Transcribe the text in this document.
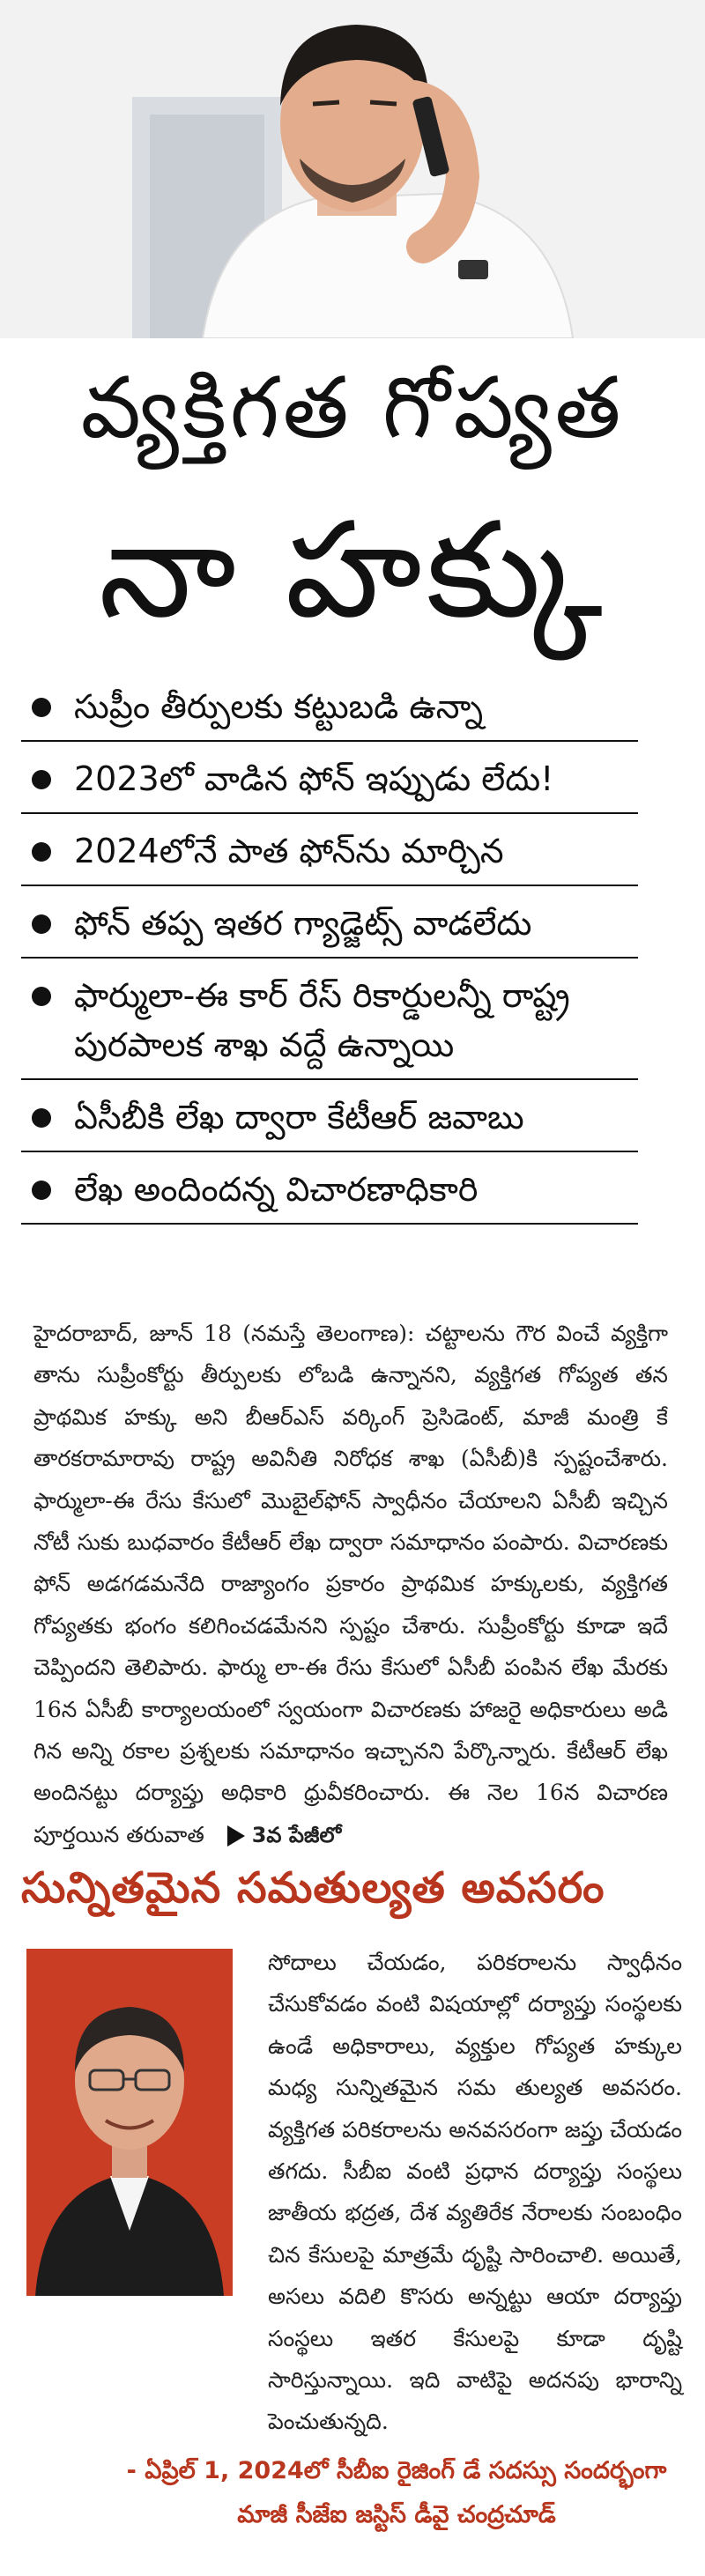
వ్యక్తిగత గోప్యత
నా హక్కు
సుప్రీం తీర్పులకు కట్టుబడి ఉన్నా
2023లో వాడిన ఫోన్ ఇప్పుడు లేదు!
2024లోనే పాత ఫోన్‌ను మార్చిన
ఫోన్ తప్ప ఇతర గ్యాడ్జెట్స్ వాడలేదు
ఫార్ములా-ఈ కార్ రేస్ రికార్డులన్నీ రాష్ట్ర పురపాలక శాఖ వద్దే ఉన్నాయి
ఏసీబీకి లేఖ ద్వారా కేటీఆర్ జవాబు
లేఖ అందిందన్న విచారణాధికారి

హైదరాబాద్, జూన్ 18 (నమస్తే తెలంగాణ): చట్టాలను గౌర వించే వ్యక్తిగా తాను సుప్రీంకోర్టు తీర్పులకు లోబడి ఉన్నానని, వ్యక్తిగత గోప్యత తన ప్రాథమిక హక్కు అని బీఆర్‌ఎస్ వర్కింగ్ ప్రెసిడెంట్, మాజీ మంత్రి కే తారకరామారావు రాష్ట్ర అవినీతి నిరోధక శాఖ (ఏసీబీ)కి స్పష్టంచేశారు. ఫార్ములా-ఈ రేసు కేసులో మొబైల్‌ఫోన్ స్వాధీనం చేయాలని ఏసీబీ ఇచ్చిన నోటీ సుకు బుధవారం కేటీఆర్ లేఖ ద్వారా సమాధానం పంపారు. విచారణకు ఫోన్ అడగడమనేది రాజ్యాంగం ప్రకారం ప్రాథమిక హక్కులకు, వ్యక్తిగత గోప్యతకు భంగం కలిగించడమేనని స్పష్టం చేశారు. సుప్రీంకోర్టు కూడా ఇదే చెప్పిందని తెలిపారు. ఫార్ము లా-ఈ రేసు కేసులో ఏసీబీ పంపిన లేఖ మేరకు 16న ఏసీబీ కార్యాలయంలో స్వయంగా విచారణకు హాజరై అధికారులు అడి గిన అన్ని రకాల ప్రశ్నలకు సమాధానం ఇచ్చానని పేర్కొన్నారు. కేటీఆర్ లేఖ అందినట్టు దర్యాప్తు అధికారి ధ్రువీకరించారు. ఈ నెల 16న విచారణ పూర్తయిన తరువాత 3వ పేజీలో

సున్నితమైన సమతుల్యత అవసరం
సోదాలు చేయడం, పరికరాలను స్వాధీనం చేసుకోవడం వంటి విషయాల్లో దర్యాప్తు సంస్థలకు ఉండే అధికారాలు, వ్యక్తుల గోప్యత హక్కుల మధ్య సున్నితమైన సమ తుల్యత అవసరం. వ్యక్తిగత పరికరాలను అనవసరంగా జప్తు చేయడం తగదు. సీబీఐ వంటి ప్రధాన దర్యాప్తు సంస్థలు జాతీయ భద్రత, దేశ వ్యతిరేక నేరాలకు సంబంధిం చిన కేసులపై మాత్రమే దృష్టి సారించాలి. అయితే, అసలు వదిలి కొసరు అన్నట్టు ఆయా దర్యాప్తు సంస్థలు ఇతర కేసులపై కూడా దృష్టి సారిస్తున్నాయి. ఇది వాటిపై అదనపు భారాన్ని పెంచుతున్నది.
- ఏప్రిల్ 1, 2024లో సీబీఐ రైజింగ్ డే సదస్సు సందర్భంగా
మాజీ సీజేఐ జస్టిస్ డీవై చంద్రచూడ్
